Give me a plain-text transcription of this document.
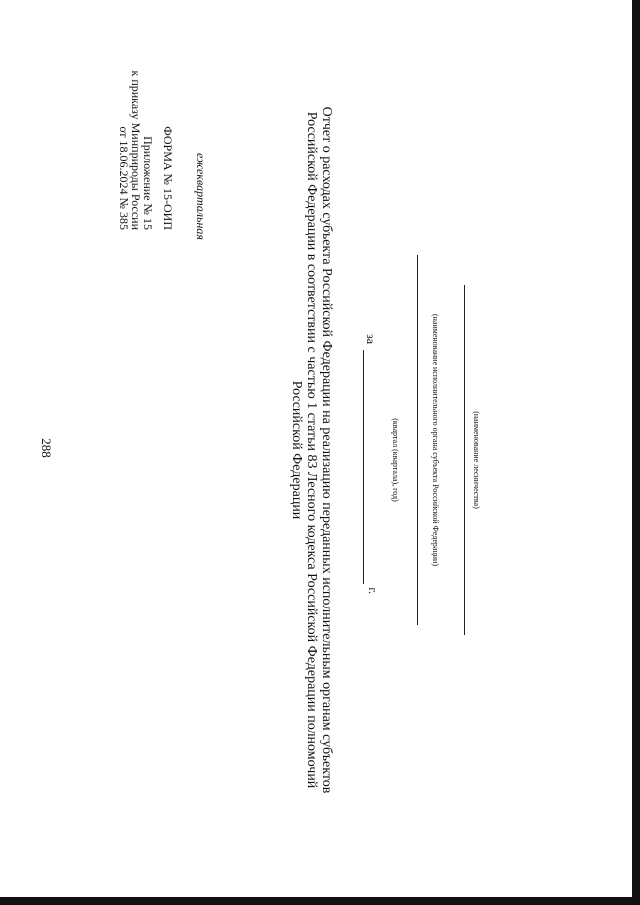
288
Приложение № 15
к приказу Минприроды России
от 18.06.2024 № 385	ФОРМА № 15-ОИП ежеквартальная	Отчет о расходах субъекта Российской Федерации на реализацию переданных исполнительным органам субъектов Российской Федерации в соответствии с частью 1 статьи 83 Лесного кодекса Российской Федерации полномочий Российской Федерации
за
г.
(квартал (квартала), год)	(наименование исполнительного органа субъекта Российской Федерации)	(наименование лесничества)
